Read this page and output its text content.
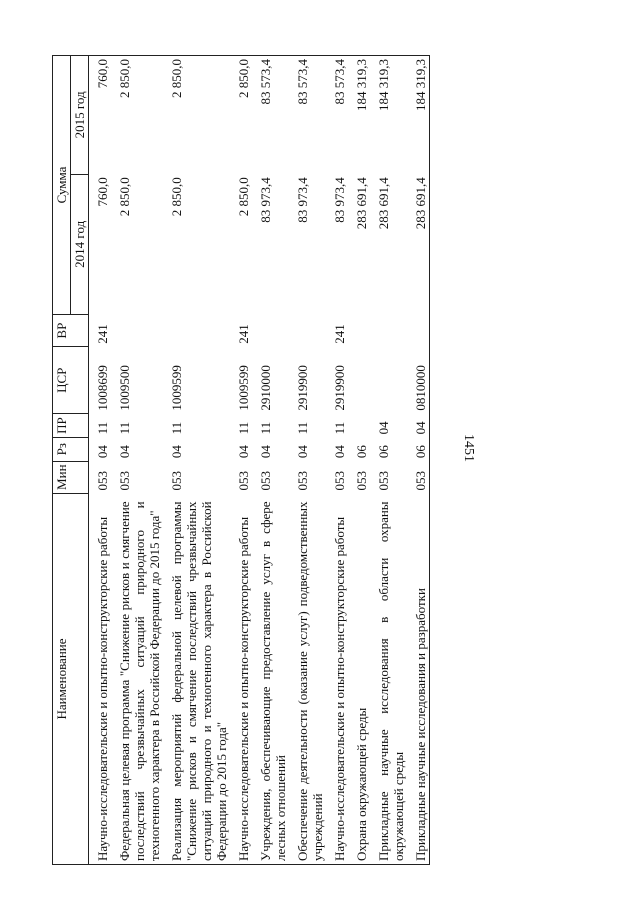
1451
Наименование	Мин	Рз	ПР	ЦСР	ВР	Сумма	
						2014 год	2015 год
Научно-исследовательские и опытно-конструкторские работы	053	04	11	1008699	241	760,0	760,0
Федеральная целевая программа "Снижение рисков и смягчение последствий чрезвычайных ситуаций природного и техногенного характера в Российской Федерации до 2015 года"	053	04	11	1009500		2 850,0	2 850,0
Реализация мероприятий федеральной целевой программы "Снижение рисков и смягчение последствий чрезвычайных ситуаций природного и техногенного характера в Российской Федерации до 2015 года"	053	04	11	1009599		2 850,0	2 850,0
Научно-исследовательские и опытно-конструкторские работы	053	04	11	1009599	241	2 850,0	2 850,0
Учреждения, обеспечивающие предоставление услуг в сфере лесных отношений	053	04	11	2910000		83 973,4	83 573,4
Обеспечение деятельности (оказание услуг) подведомственных учреждений	053	04	11	2919900		83 973,4	83 573,4
Научно-исследовательские и опытно-конструкторские работы	053	04	11	2919900	241	83 973,4	83 573,4
Охрана окружающей среды	053	06				283 691,4	184 319,3
Прикладные научные исследования в области охраны окружающей среды	053	06	04			283 691,4	184 319,3
Прикладные научные исследования и разработки	053	06	04	0810000		283 691,4	184 319,3
